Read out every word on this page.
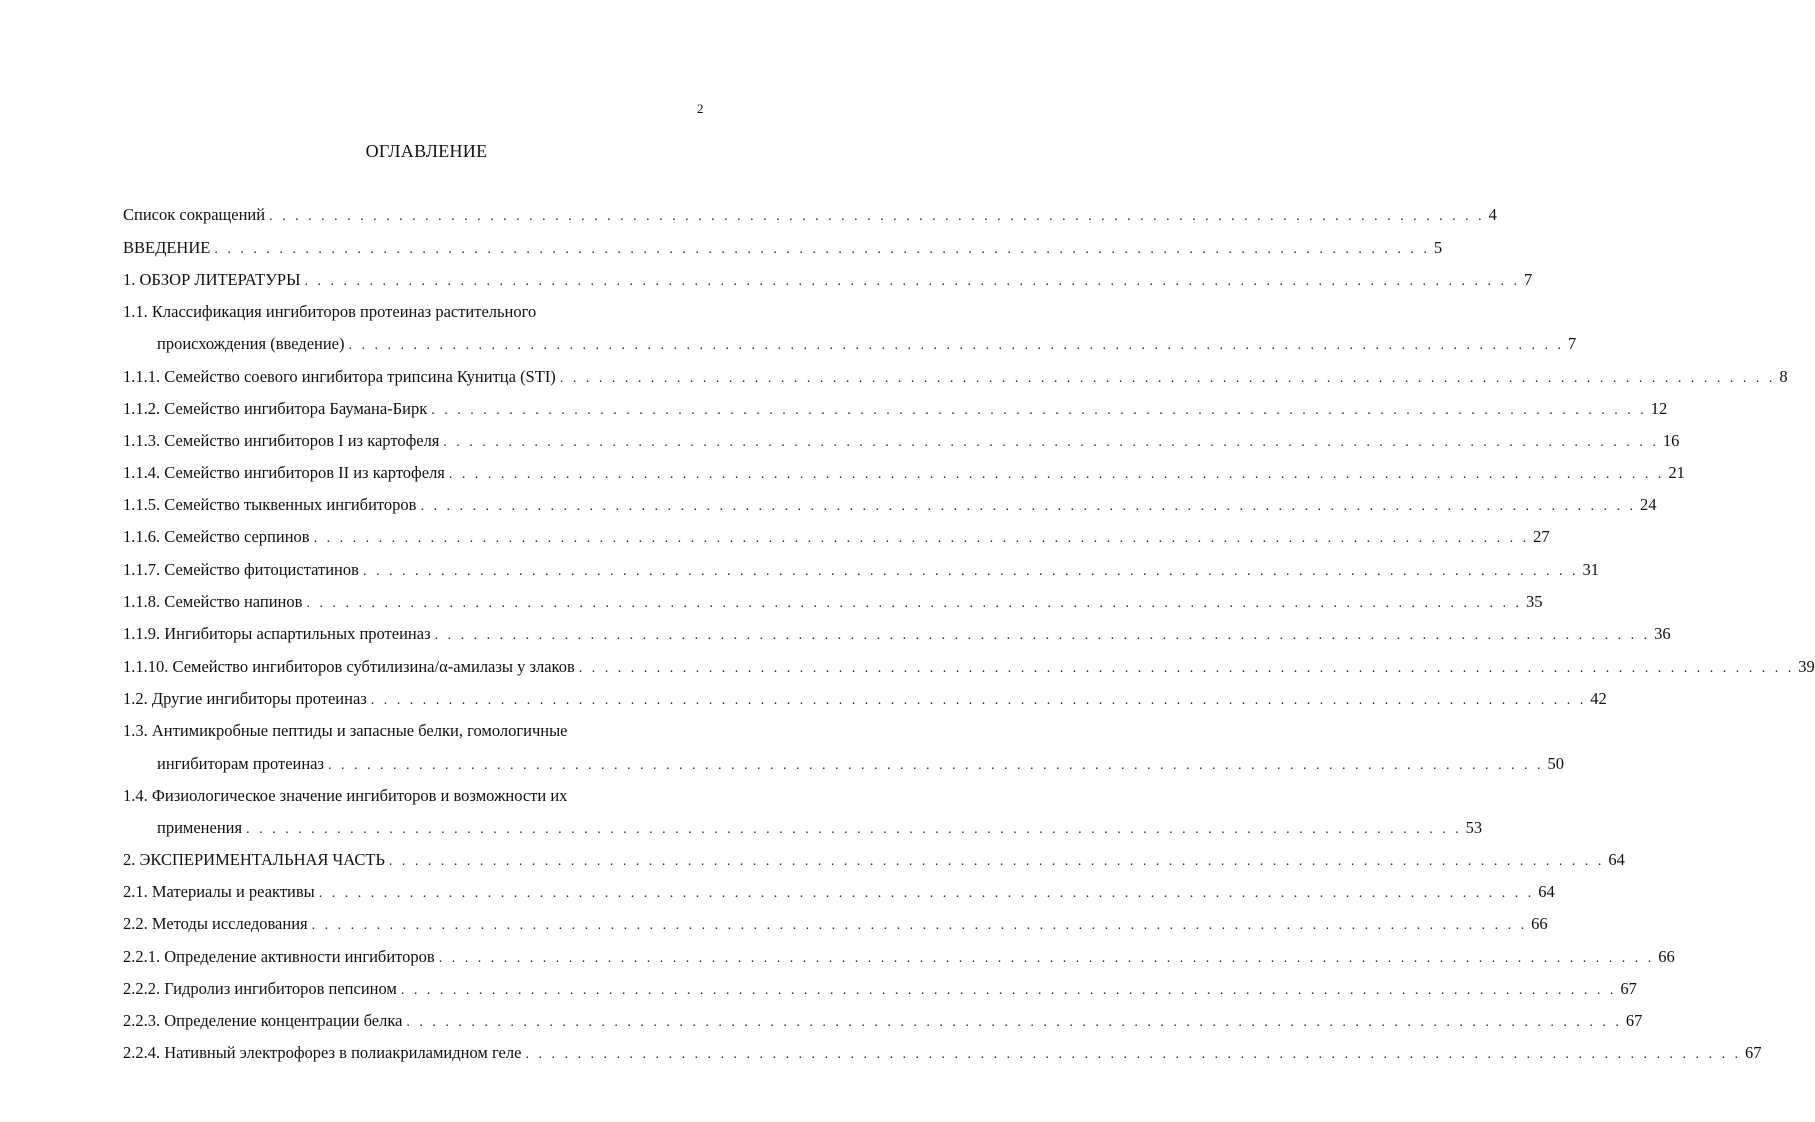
2
ОГЛАВЛЕНИЕ
Список сокращений . . . . . . . . . . . . . . . . . . . . . . . . . . . . . . . . . . . . . . . . . . . . . . . . . . . . . . . . . . . . . . . . . . . . . . . . . . . . . . . . . . . . . . . . . . . . . . 4
ВВЕДЕНИЕ . . . . . . . . . . . . . . . . . . . . . . . . . . . . . . . . . . . . . . . . . . . . . . . . . . . . . . . . . . . . . . . . . . . . . . . . . . . . . . . . . . . . . . . . . . . . . . 5
1. ОБЗОР ЛИТЕРАТУРЫ . . . . . . . . . . . . . . . . . . . . . . . . . . . . . . . . . . . . . . . . . . . . . . . . . . . . . . . . . . . . . . . . . . . . . . . . . . . . . . . . . . . . . . . . . . . . . . 7
1.1. Классификация ингибиторов протеиназ растительного
происхождения (введение) . . . . . . . . . . . . . . . . . . . . . . . . . . . . . . . . . . . . . . . . . . . . . . . . . . . . . . . . . . . . . . . . . . . . . . . . . . . . . . . . . . . . . . . . . . . . . . 7
1.1.1. Семейство соевого ингибитора трипсина Кунитца (STI) . . . . . . . . . . . . . . . . . . . . . . . . . . . . . . . . . . . . . . . . . . . . . . . . . . . . . . . . . . . . . . . . . . . . . . . . . . . . . . . . . . . . . . . . . . . . . . 8
1.1.2. Семейство ингибитора Баумана-Бирк . . . . . . . . . . . . . . . . . . . . . . . . . . . . . . . . . . . . . . . . . . . . . . . . . . . . . . . . . . . . . . . . . . . . . . . . . . . . . . . . . . . . . . . . . . . . . . 12
1.1.3. Семейство ингибиторов I из картофеля . . . . . . . . . . . . . . . . . . . . . . . . . . . . . . . . . . . . . . . . . . . . . . . . . . . . . . . . . . . . . . . . . . . . . . . . . . . . . . . . . . . . . . . . . . . . . . 16
1.1.4. Семейство ингибиторов II из картофеля . . . . . . . . . . . . . . . . . . . . . . . . . . . . . . . . . . . . . . . . . . . . . . . . . . . . . . . . . . . . . . . . . . . . . . . . . . . . . . . . . . . . . . . . . . . . . . 21
1.1.5. Семейство тыквенных ингибиторов . . . . . . . . . . . . . . . . . . . . . . . . . . . . . . . . . . . . . . . . . . . . . . . . . . . . . . . . . . . . . . . . . . . . . . . . . . . . . . . . . . . . . . . . . . . . . . 24
1.1.6. Семейство серпинов . . . . . . . . . . . . . . . . . . . . . . . . . . . . . . . . . . . . . . . . . . . . . . . . . . . . . . . . . . . . . . . . . . . . . . . . . . . . . . . . . . . . . . . . . . . . . . 27
1.1.7. Семейство фитоцистатинов . . . . . . . . . . . . . . . . . . . . . . . . . . . . . . . . . . . . . . . . . . . . . . . . . . . . . . . . . . . . . . . . . . . . . . . . . . . . . . . . . . . . . . . . . . . . . . 31
1.1.8. Семейство напинов . . . . . . . . . . . . . . . . . . . . . . . . . . . . . . . . . . . . . . . . . . . . . . . . . . . . . . . . . . . . . . . . . . . . . . . . . . . . . . . . . . . . . . . . . . . . . . 35
1.1.9. Ингибиторы аспартильных протеиназ . . . . . . . . . . . . . . . . . . . . . . . . . . . . . . . . . . . . . . . . . . . . . . . . . . . . . . . . . . . . . . . . . . . . . . . . . . . . . . . . . . . . . . . . . . . . . . 36
1.1.10. Семейство ингибиторов субтилизина/α-амилазы у злаков . . . . . . . . . . . . . . . . . . . . . . . . . . . . . . . . . . . . . . . . . . . . . . . . . . . . . . . . . . . . . . . . . . . . . . . . . . . . . . . . . . . . . . . . . . . . . . 39
1.2. Другие ингибиторы протеиназ . . . . . . . . . . . . . . . . . . . . . . . . . . . . . . . . . . . . . . . . . . . . . . . . . . . . . . . . . . . . . . . . . . . . . . . . . . . . . . . . . . . . . . . . . . . . . . 42
1.3. Антимикробные пептиды и запасные белки, гомологичные
ингибиторам протеиназ . . . . . . . . . . . . . . . . . . . . . . . . . . . . . . . . . . . . . . . . . . . . . . . . . . . . . . . . . . . . . . . . . . . . . . . . . . . . . . . . . . . . . . . . . . . . . . 50
1.4. Физиологическое значение ингибиторов и возможности их
применения . . . . . . . . . . . . . . . . . . . . . . . . . . . . . . . . . . . . . . . . . . . . . . . . . . . . . . . . . . . . . . . . . . . . . . . . . . . . . . . . . . . . . . . . . . . . . . 53
2. ЭКСПЕРИМЕНТАЛЬНАЯ ЧАСТЬ . . . . . . . . . . . . . . . . . . . . . . . . . . . . . . . . . . . . . . . . . . . . . . . . . . . . . . . . . . . . . . . . . . . . . . . . . . . . . . . . . . . . . . . . . . . . . . 64
2.1. Материалы и реактивы . . . . . . . . . . . . . . . . . . . . . . . . . . . . . . . . . . . . . . . . . . . . . . . . . . . . . . . . . . . . . . . . . . . . . . . . . . . . . . . . . . . . . . . . . . . . . . 64
2.2. Методы исследования . . . . . . . . . . . . . . . . . . . . . . . . . . . . . . . . . . . . . . . . . . . . . . . . . . . . . . . . . . . . . . . . . . . . . . . . . . . . . . . . . . . . . . . . . . . . . . 66
2.2.1. Определение активности ингибиторов . . . . . . . . . . . . . . . . . . . . . . . . . . . . . . . . . . . . . . . . . . . . . . . . . . . . . . . . . . . . . . . . . . . . . . . . . . . . . . . . . . . . . . . . . . . . . . 66
2.2.2. Гидролиз ингибиторов пепсином . . . . . . . . . . . . . . . . . . . . . . . . . . . . . . . . . . . . . . . . . . . . . . . . . . . . . . . . . . . . . . . . . . . . . . . . . . . . . . . . . . . . . . . . . . . . . . 67
2.2.3. Определение концентрации белка . . . . . . . . . . . . . . . . . . . . . . . . . . . . . . . . . . . . . . . . . . . . . . . . . . . . . . . . . . . . . . . . . . . . . . . . . . . . . . . . . . . . . . . . . . . . . . 67
2.2.4. Нативный электрофорез в полиакриламидном геле . . . . . . . . . . . . . . . . . . . . . . . . . . . . . . . . . . . . . . . . . . . . . . . . . . . . . . . . . . . . . . . . . . . . . . . . . . . . . . . . . . . . . . . . . . . . . . 67
